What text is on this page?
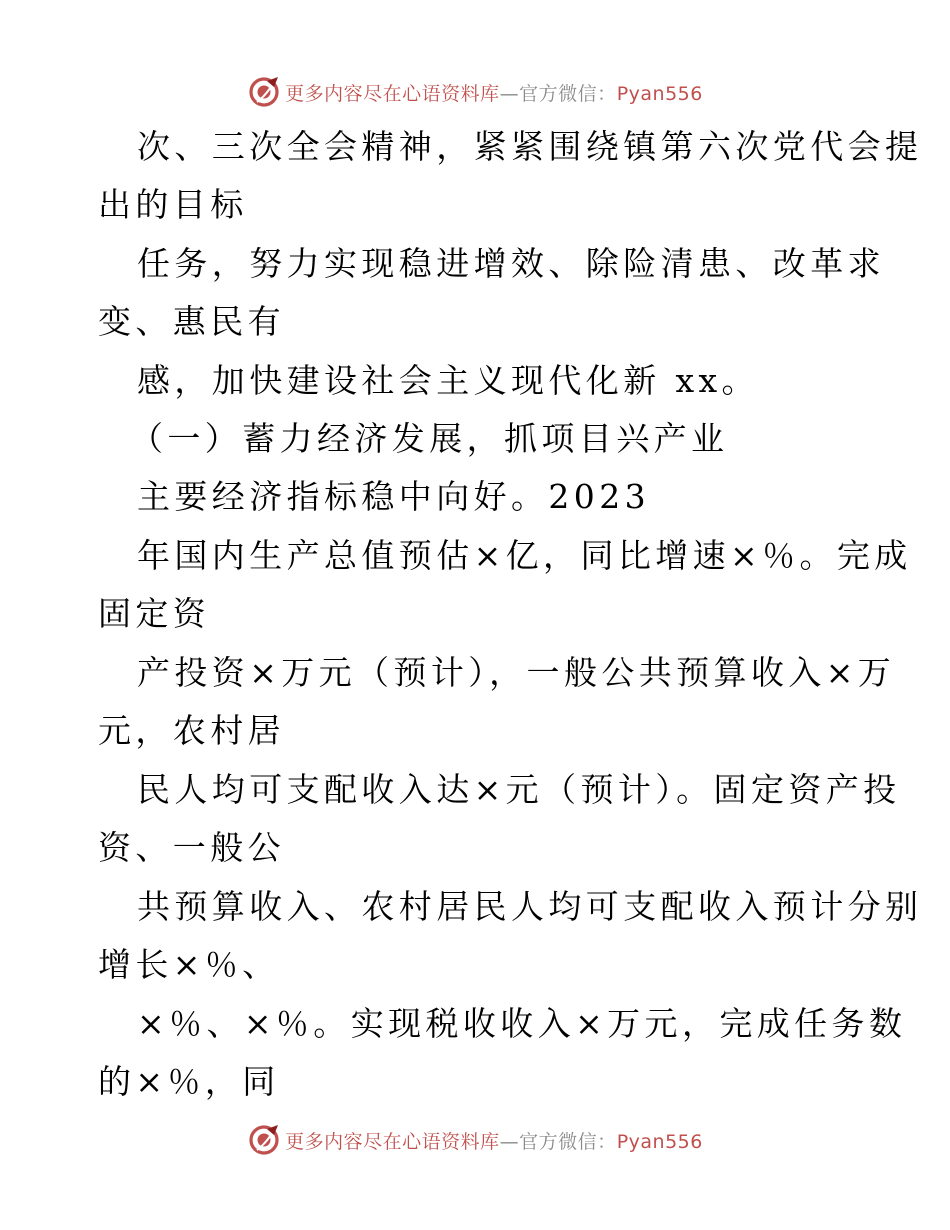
更多内容尽在心语资料库—官方微信：Pyan556
次、三次全会精神，紧紧围绕镇第六次党代会提
出的目标
任务，努力实现稳进增效、除险清患、改革求
变、惠民有
感，加快建设社会主义现代化新 xx。
（一）蓄力经济发展，抓项目兴产业
主要经济指标稳中向好。2023
年国内生产总值预估×亿，同比增速×％。完成
固定资
产投资×万元（预计），一般公共预算收入×万
元，农村居
民人均可支配收入达×元（预计）。固定资产投
资、一般公
共预算收入、农村居民人均可支配收入预计分别
增长×％、
×％、×％。实现税收收入×万元，完成任务数
的×％，同
更多内容尽在心语资料库—官方微信：Pyan556
